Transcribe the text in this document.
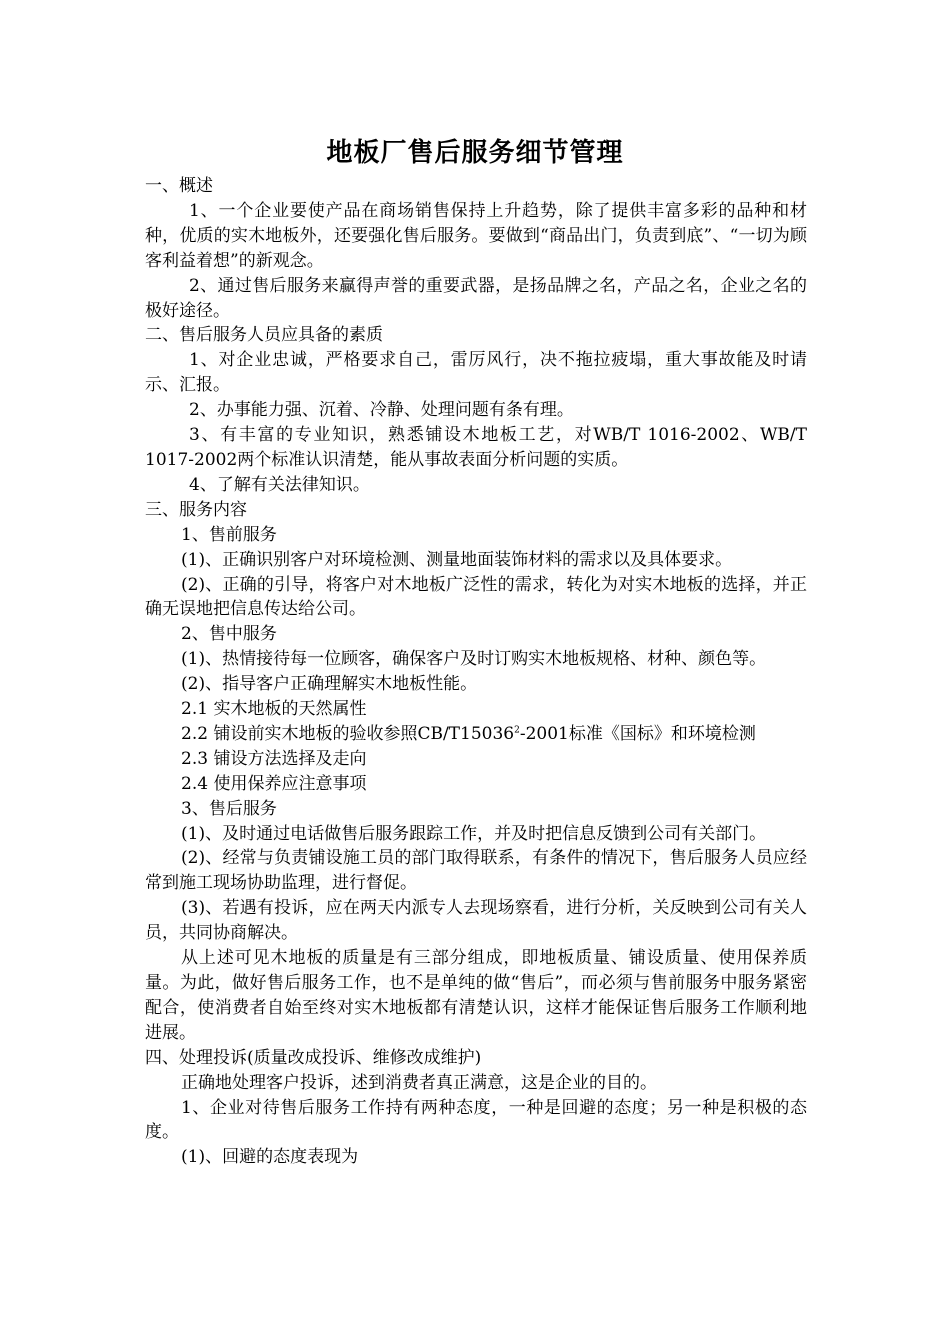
地板厂售后服务细节管理

一、概述

1、一个企业要使产品在商场销售保持上升趋势，除了提供丰富多彩的品种和材种，优质的实木地板外，还要强化售后服务。要做到“商品出门，负责到底”、“一切为顾客利益着想”的新观念。

2、通过售后服务来赢得声誉的重要武器，是扬品牌之名，产品之名，企业之名的极好途径。

二、售后服务人员应具备的素质

1、对企业忠诚，严格要求自己，雷厉风行，决不拖拉疲塌，重大事故能及时请示、汇报。

2、办事能力强、沉着、冷静、处理问题有条有理。

3、有丰富的专业知识，熟悉铺设木地板工艺，对WB/T 1016-2002、WB/T 1017-2002两个标准认识清楚，能从事故表面分析问题的实质。

4、了解有关法律知识。

三、服务内容

1、售前服务

(1)、正确识别客户对环境检测、测量地面装饰材料的需求以及具体要求。

(2)、正确的引导，将客户对木地板广泛性的需求，转化为对实木地板的选择，并正确无误地把信息传达给公司。

2、售中服务

(1)、热情接待每一位顾客，确保客户及时订购实木地板规格、材种、颜色等。

(2)、指导客户正确理解实木地板性能。

2.1 实木地板的天然属性

2.2 铺设前实木地板的验收参照CB/T15036$^2$-2001标准《国标》和环境检测

2.3 铺设方法选择及走向

2.4 使用保养应注意事项

3、售后服务

(1)、及时通过电话做售后服务跟踪工作，并及时把信息反馈到公司有关部门。

(2)、经常与负责铺设施工员的部门取得联系，有条件的情况下，售后服务人员应经常到施工现场协助监理，进行督促。

(3)、若遇有投诉，应在两天内派专人去现场察看，进行分析，关反映到公司有关人员，共同协商解决。

从上述可见木地板的质量是有三部分组成，即地板质量、铺设质量、使用保养质量。为此，做好售后服务工作，也不是单纯的做“售后”，而必须与售前服务中服务紧密配合，使消费者自始至终对实木地板都有清楚认识，这样才能保证售后服务工作顺利地进展。

四、处理投诉(质量改成投诉、维修改成维护)

正确地处理客户投诉，述到消费者真正满意，这是企业的目的。

1、企业对待售后服务工作持有两种态度，一种是回避的态度；另一种是积极的态度。

(1)、回避的态度表现为
